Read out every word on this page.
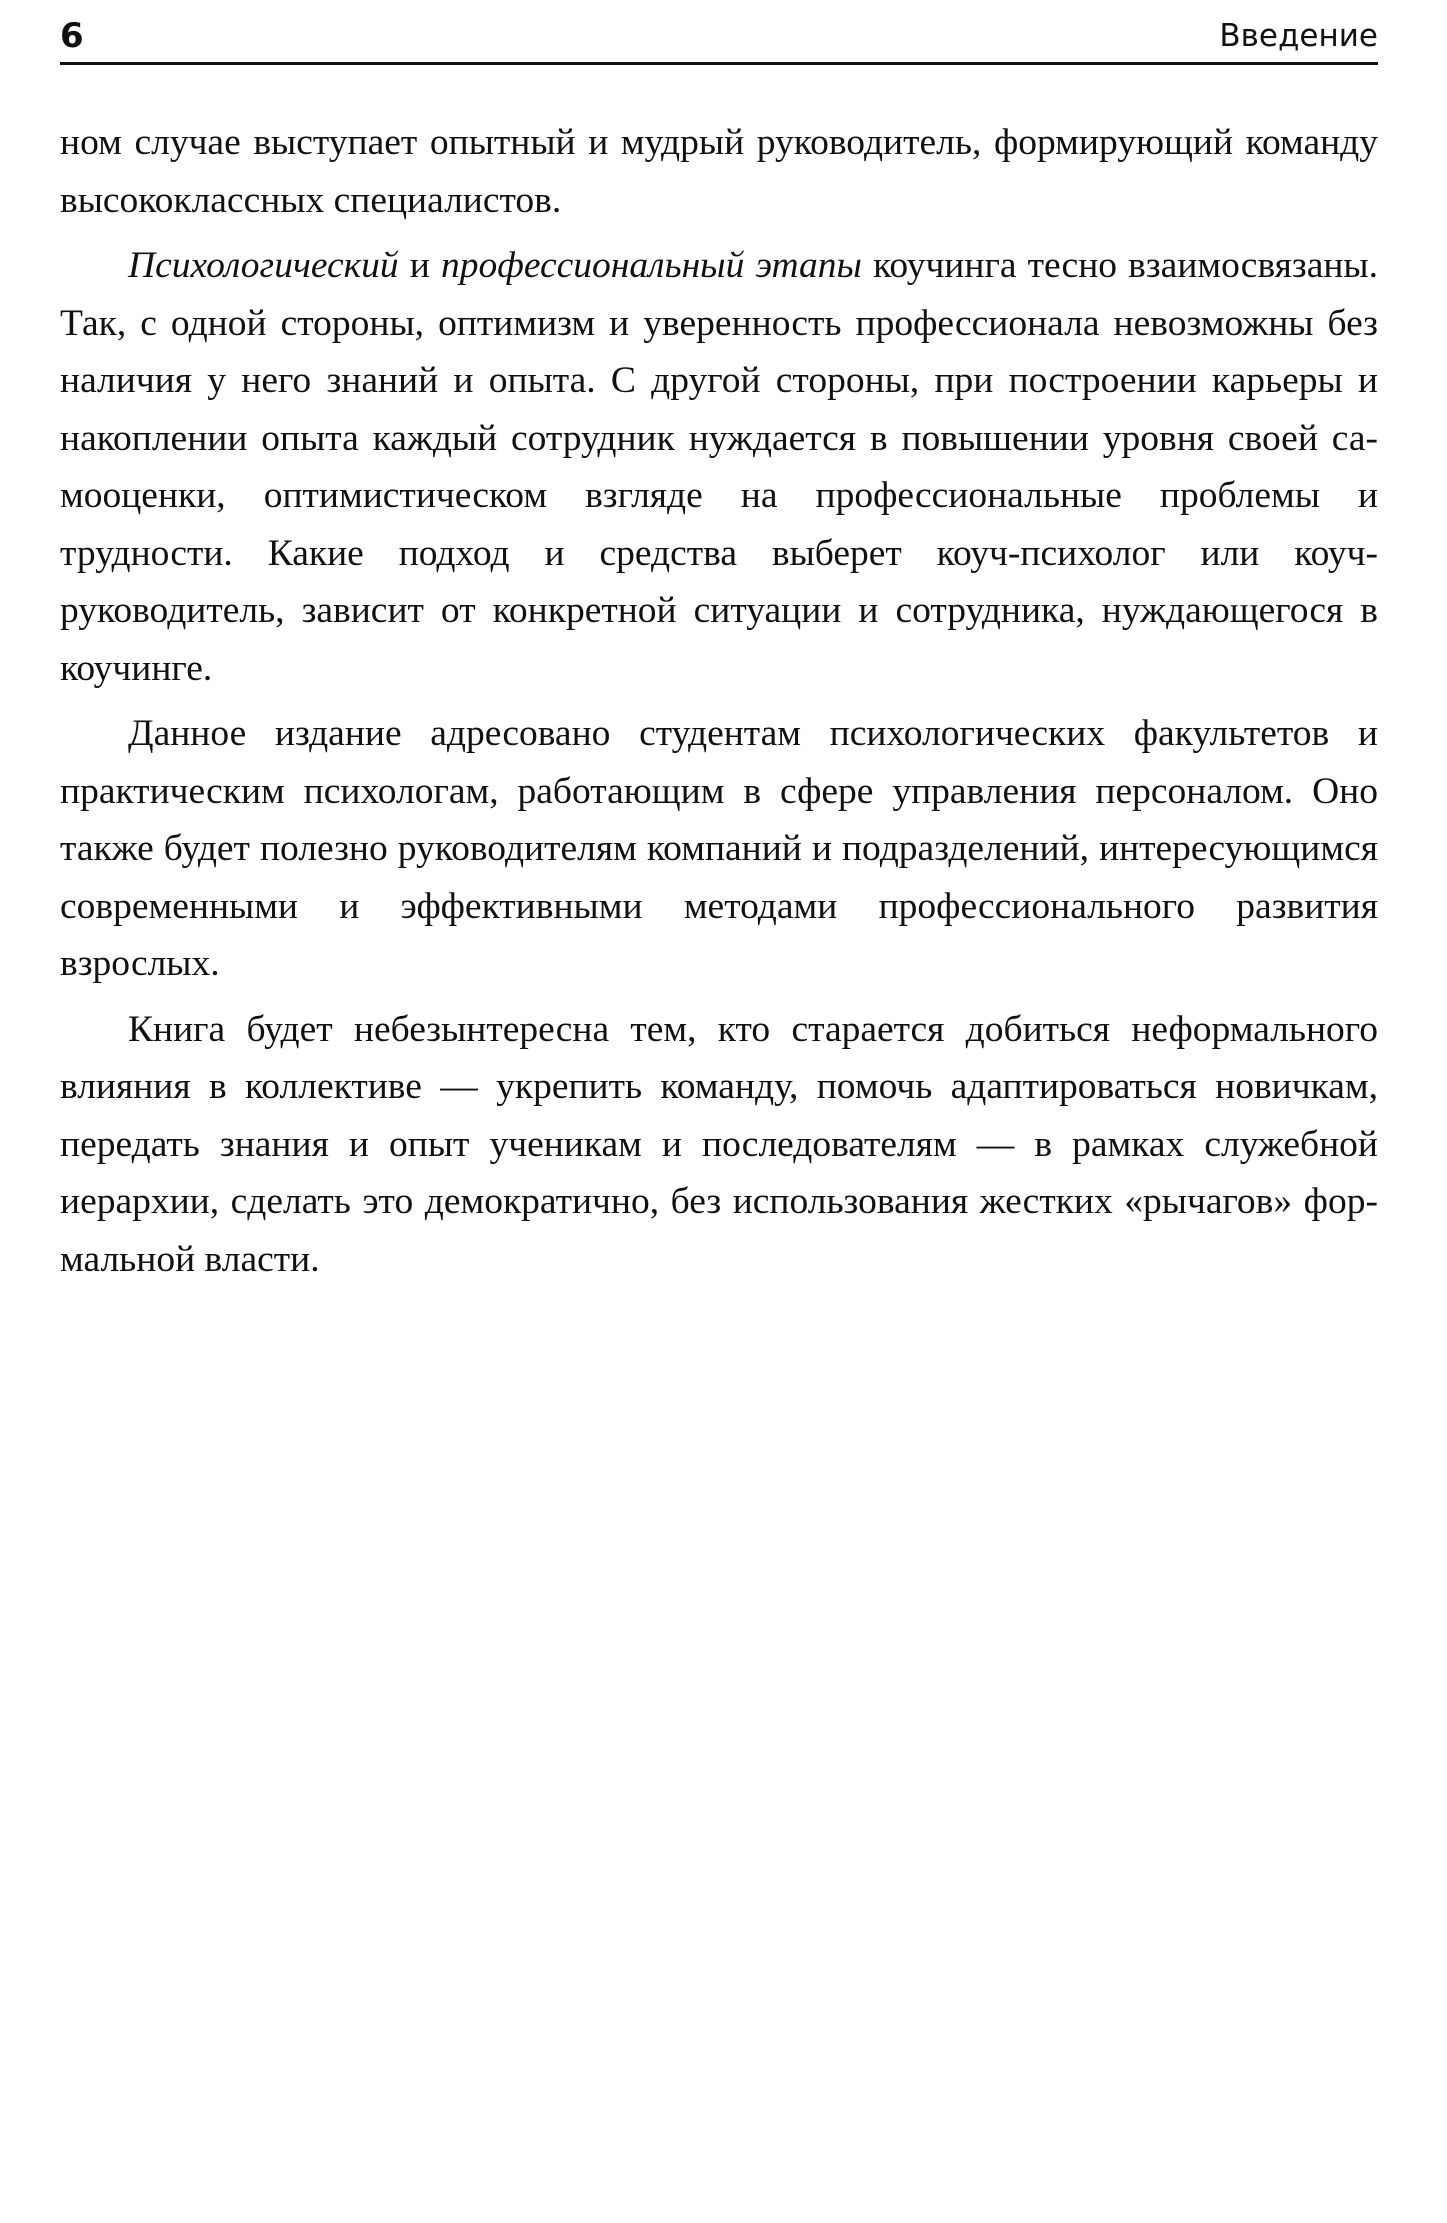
6	Введение

ном случае выступает опытный и мудрый руководитель, формирующий команду высококлассных специалистов.

Психологический и профессиональный этапы коучинга тесно взаимосвязаны. Так, с одной стороны, оптимизм и уверенность профессионала невозможны без наличия у него знаний и опыта. С другой стороны, при построении карьеры и накоплении опыта каждый сотрудник нуждается в повышении уровня своей самооценки, оптимистическом взгляде на профессиональные проблемы и трудности. Какие подход и средства выберет коуч-психолог или коуч-руководитель, зависит от конкретной ситуации и сотрудника, нуждающегося в коучинге.

Данное издание адресовано студентам психологических факультетов и практическим психологам, работающим в сфере управления персоналом. Оно также будет полезно руководителям компаний и подразделений, интересующимся современными и эффективными методами профессионального развития взрослых.

Книга будет небезынтересна тем, кто старается добиться неформального влияния в коллективе — укрепить команду, помочь адаптироваться новичкам, передать знания и опыт ученикам и последователям — в рамках служебной иерархии, сделать это демократично, без использования жестких «рычагов» формальной власти.
